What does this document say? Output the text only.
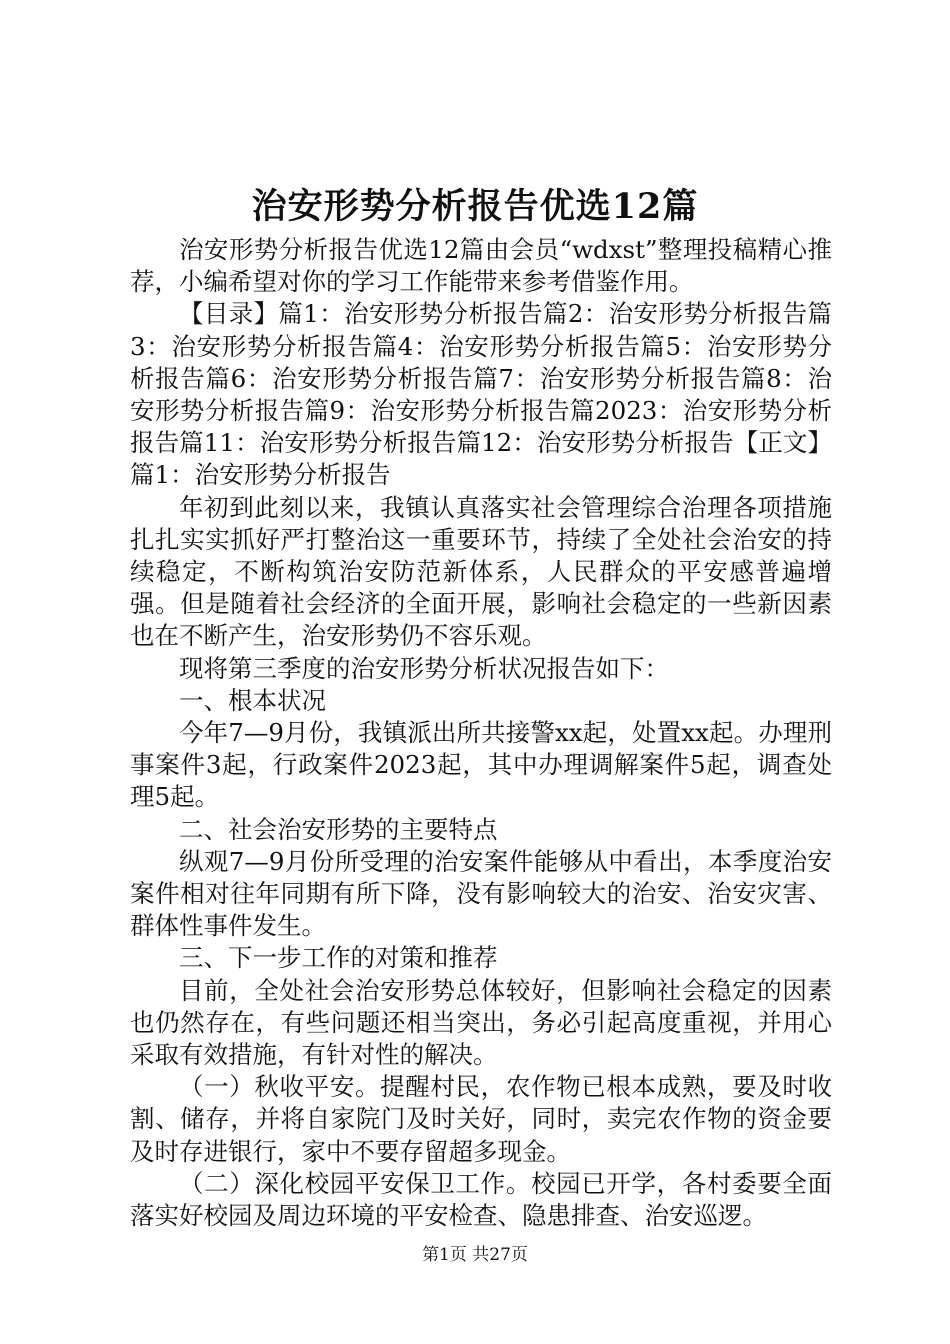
治安形势分析报告优选12篇

治安形势分析报告优选12篇由会员“wdxst”整理投稿精心推荐，小编希望对你的学习工作能带来参考借鉴作用。

【目录】篇1：治安形势分析报告篇2：治安形势分析报告篇3：治安形势分析报告篇4：治安形势分析报告篇5：治安形势分析报告篇6：治安形势分析报告篇7：治安形势分析报告篇8：治安形势分析报告篇9：治安形势分析报告篇2023：治安形势分析报告篇11：治安形势分析报告篇12：治安形势分析报告【正文】篇1：治安形势分析报告

年初到此刻以来，我镇认真落实社会管理综合治理各项措施扎扎实实抓好严打整治这一重要环节，持续了全处社会治安的持续稳定，不断构筑治安防范新体系，人民群众的平安感普遍增强。但是随着社会经济的全面开展，影响社会稳定的一些新因素也在不断产生，治安形势仍不容乐观。

现将第三季度的治安形势分析状况报告如下：

一、根本状况

今年7—9月份，我镇派出所共接警xx起，处置xx起。办理刑事案件3起，行政案件2023起，其中办理调解案件5起，调查处理5起。

二、社会治安形势的主要特点

纵观7—9月份所受理的治安案件能够从中看出，本季度治安案件相对往年同期有所下降，没有影响较大的治安、治安灾害、群体性事件发生。

三、下一步工作的对策和推荐

目前，全处社会治安形势总体较好，但影响社会稳定的因素也仍然存在，有些问题还相当突出，务必引起高度重视，并用心采取有效措施，有针对性的解决。

（一）秋收平安。提醒村民，农作物已根本成熟，要及时收割、储存，并将自家院门及时关好，同时，卖完农作物的资金要及时存进银行，家中不要存留超多现金。

（二）深化校园平安保卫工作。校园已开学，各村委要全面落实好校园及周边环境的平安检查、隐患排查、治安巡逻。

第1页 共27页
